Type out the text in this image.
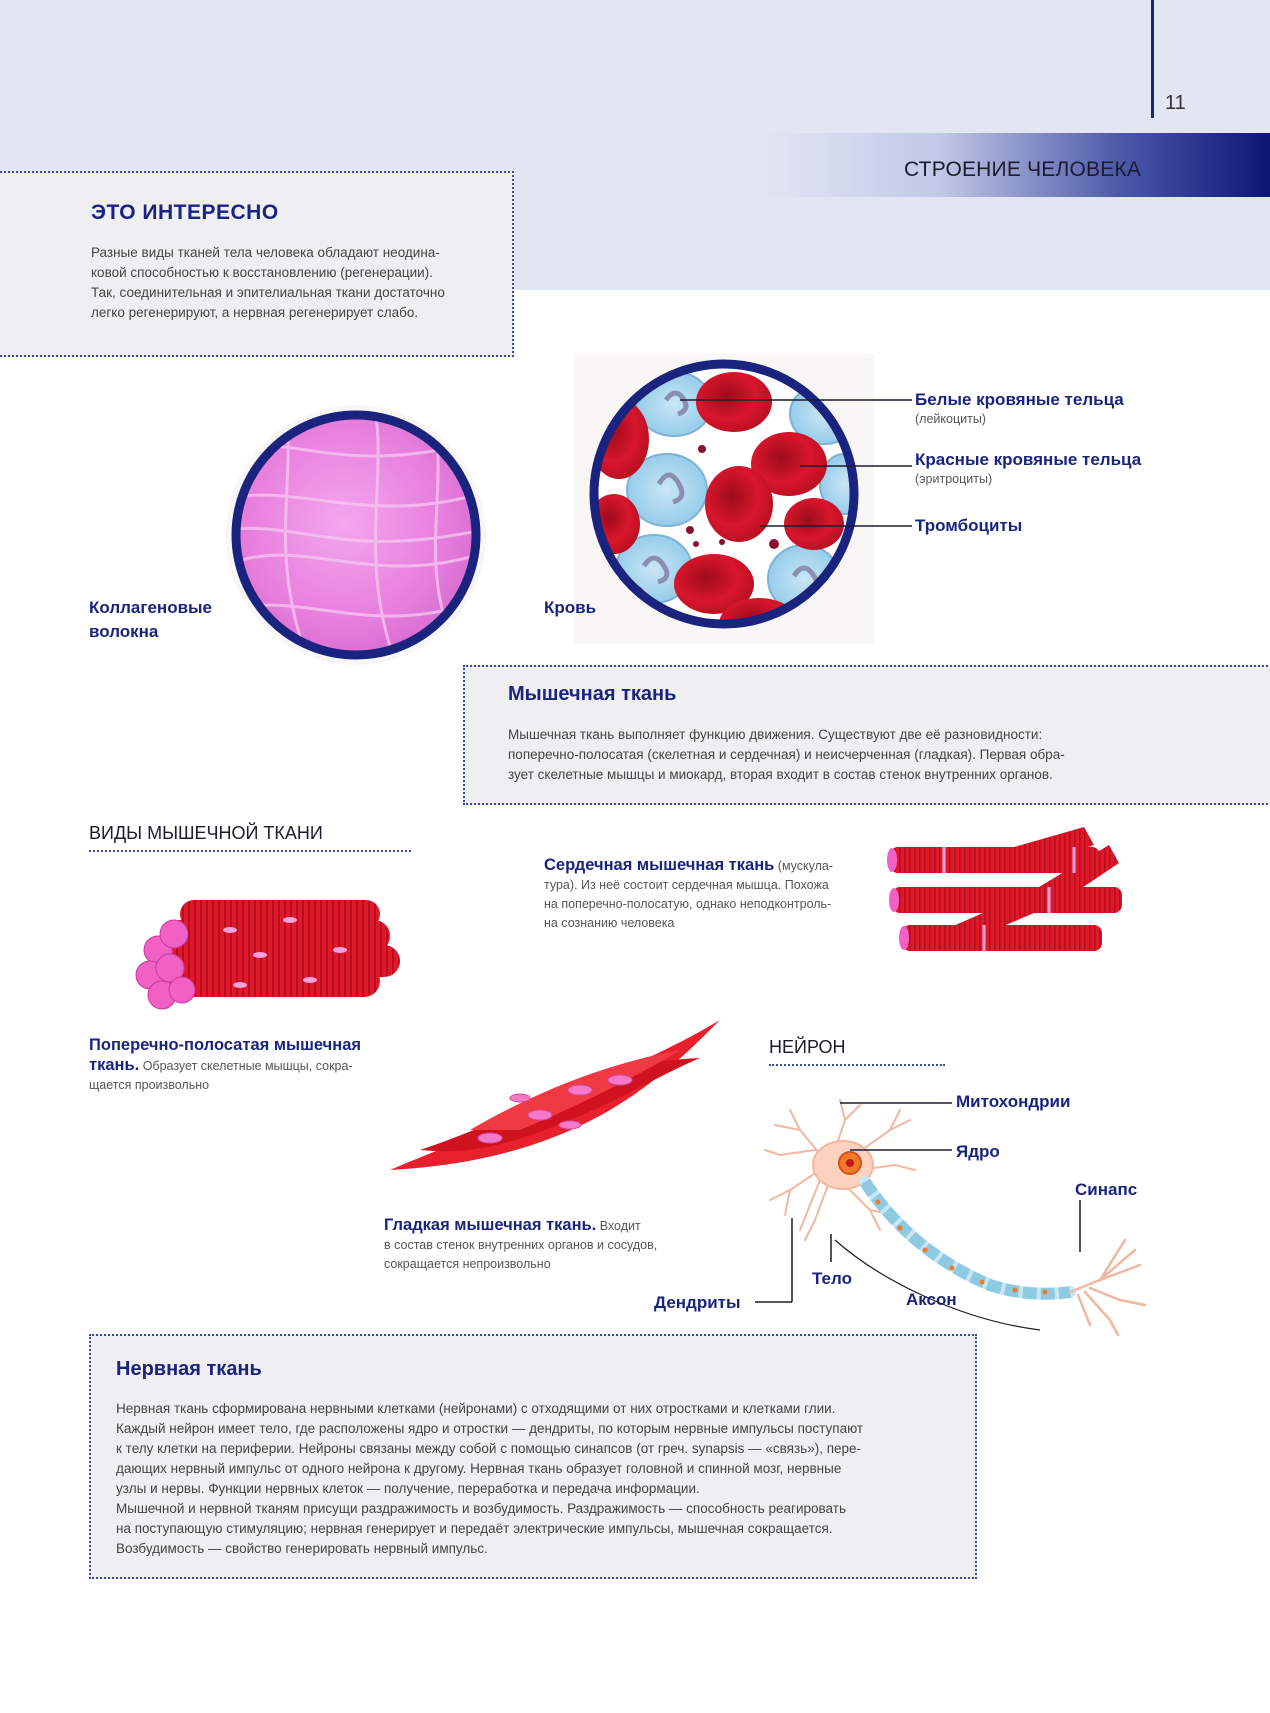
11
СТРОЕНИЕ ЧЕЛОВЕКА
ЭТО ИНТЕРЕСНО
Разные виды тканей тела человека обладают неодина-
ковой способностью к восстановлению (регенерации).
Так, соединительная и эпителиальная ткани достаточно
легко регенерируют, а нервная регенерирует слабо.
Коллагеновые
волокна
Кровь
Белые кровяные тельца
(лейкоциты)
Красные кровяные тельца
(эритроциты)
Тромбоциты
Мышечная ткань
Мышечная ткань выполняет функцию движения. Существуют две её разновидности:
поперечно-полосатая (скелетная и сердечная) и неисчерченная (гладкая). Первая обра-
зует скелетные мышцы и миокард, вторая входит в состав стенок внутренних органов.
ВИДЫ МЫШЕЧНОЙ ТКАНИ
Поперечно-полосатая мышечная
ткань. Образует скелетные мышцы, сокра-
щается произвольно
Сердечная мышечная ткань (мускула-
тура). Из неё состоит сердечная мышца. Похожа
на поперечно-полосатую, однако неподконтроль-
на сознанию человека
Гладкая мышечная ткань. Входит
в состав стенок внутренних органов и сосудов,
сокращается непроизвольно
НЕЙРОН
Митохондрии
Ядро
Синапс
Тело
Аксон
Дендриты
Нервная ткань
Нервная ткань сформирована нервными клетками (нейронами) с отходящими от них отростками и клетками глии.
Каждый нейрон имеет тело, где расположены ядро и отростки — дендриты, по которым нервные импульсы поступают
к телу клетки на периферии. Нейроны связаны между собой с помощью синапсов (от греч. synapsis — «связь»), пере-
дающих нервный импульс от одного нейрона к другому. Нервная ткань образует головной и спинной мозг, нервные
узлы и нервы. Функции нервных клеток — получение, переработка и передача информации.
Мышечной и нервной тканям присущи раздражимость и возбудимость. Раздражимость — способность реагировать
на поступающую стимуляцию; нервная генерирует и передаёт электрические импульсы, мышечная сокращается.
Возбудимость — свойство генерировать нервный импульс.
